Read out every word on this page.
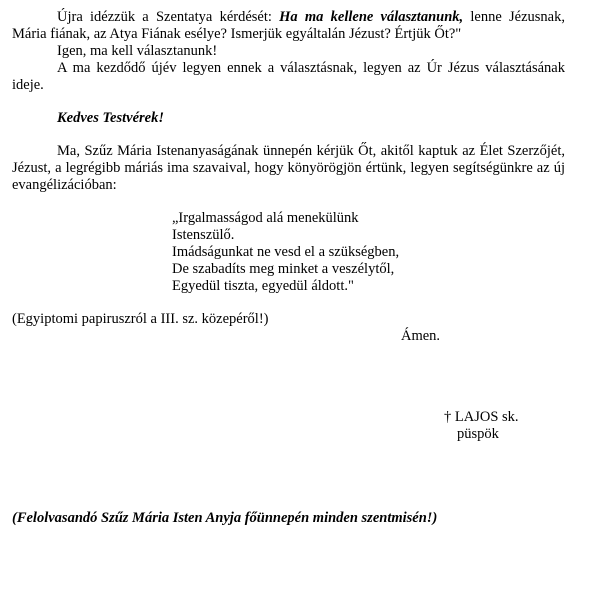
Újra idézzük a Szentatya kérdését: Ha ma kellene választanunk, lenne Jézusnak,
Mária fiának, az Atya Fiának esélye? Ismerjük egyáltalán Jézust? Értjük Őt?"
Igen, ma kell választanunk!
A ma kezdődő újév legyen ennek a választásnak, legyen az Úr Jézus választásának
ideje.
Kedves Testvérek!
Ma, Szűz Mária Istenanyaságának ünnepén kérjük Őt, akitől kaptuk az Élet Szerzőjét,
Jézust, a legrégibb máriás ima szavaival, hogy könyörögjön értünk, legyen segítségünkre az új
evangélizációban:
„Irgalmasságod alá menekülünk
Istenszülő.
Imádságunkat ne vesd el a szükségben,
De szabadíts meg minket a veszélytől,
Egyedül tiszta, egyedül áldott."
(Egyiptomi papiruszról a III. sz. közepéről!)
Ámen.
† LAJOS sk.
püspök
(Felolvasandó Szűz Mária Isten Anyja főünnepén minden szentmisén!)
